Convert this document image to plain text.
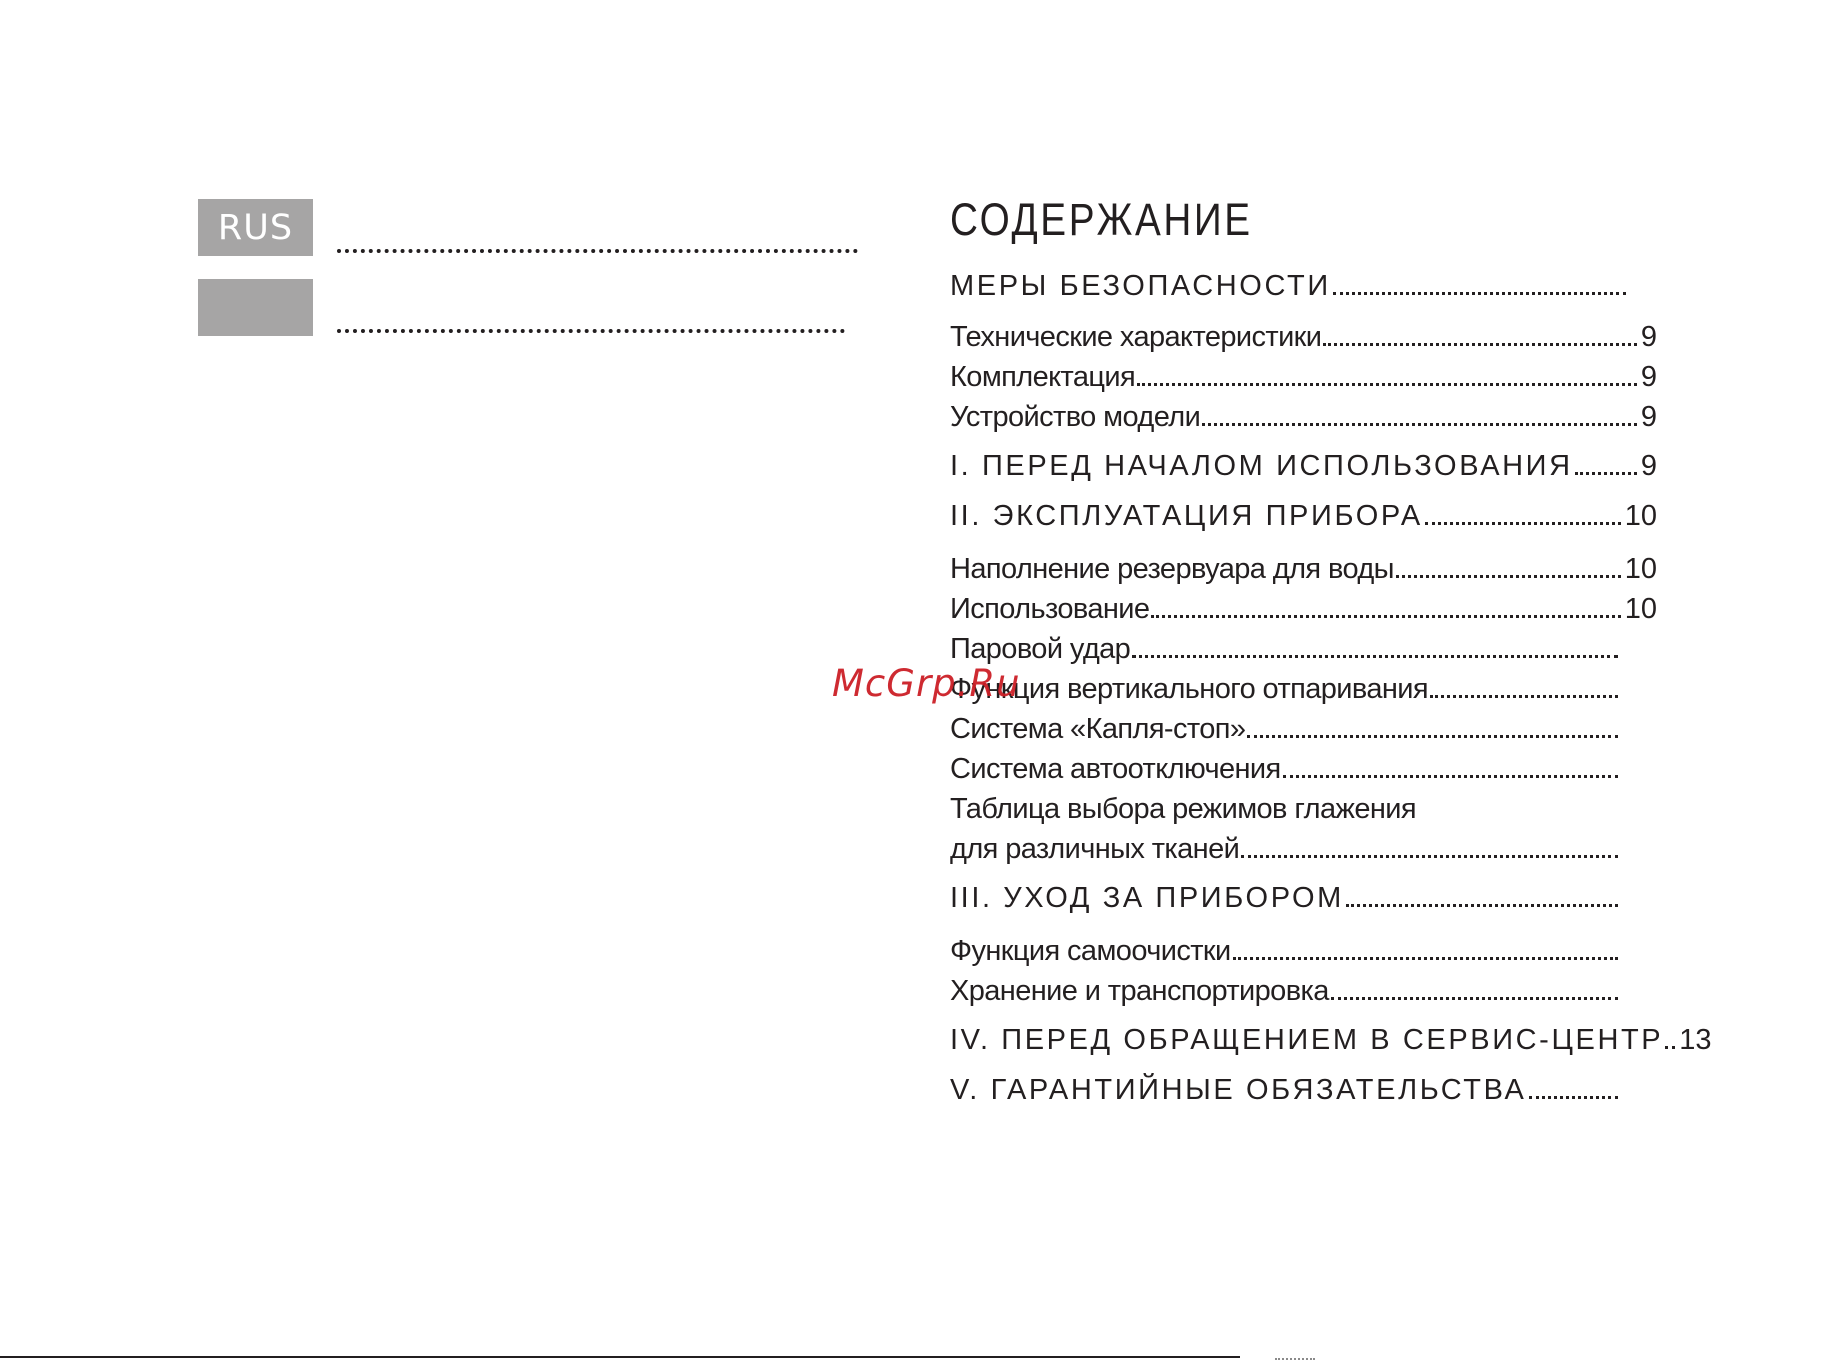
RUS	СОДЕРЖАНИЕ
МЕРЫ БЕЗОПАСНОСТИ
Технические характеристики	9
Комплектация	9
Устройство модели	9
I. ПЕРЕД НАЧАЛОМ ИСПОЛЬЗОВАНИЯ 9
II. ЭКСПЛУАТАЦИЯ ПРИБОРА	10
Наполнение резервуара для воды	10
Использование	10
Паровой удар
Функция вертикального отпаривания
Система «Капля-стоп»
Система автоотключения
Таблица выбора режимов глажения
для различных тканей
III. УХОД ЗА ПРИБОРОМ
Функция самоочистки
Хранение и транспортировка
IV. ПЕРЕД ОБРАЩЕНИЕМ В СЕРВИС-ЦЕНТР 13
V. ГАРАНТИЙНЫЕ ОБЯЗАТЕЛЬСТВА
McGrp.Ru
